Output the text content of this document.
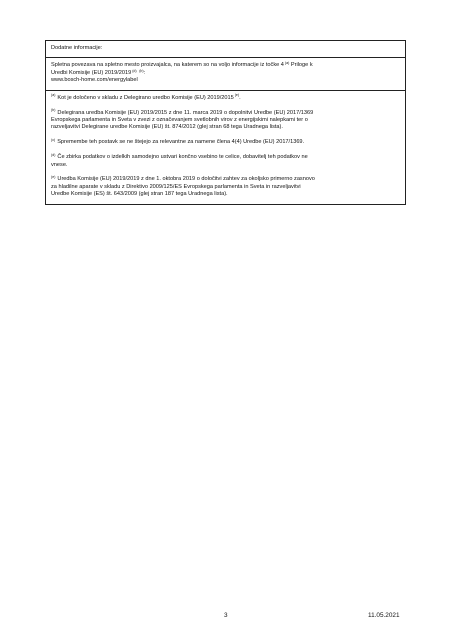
Dodatne informacije:
Spletna povezava na spletno mesto proizvajalca, na katerem so na voljo informacije iz točke 4$^{(a)}$ Priloge k
Uredbi Komisije (EU) 2019/2019$^{(d)}$ $^{(b)}$:
www.bosch-home.com/energylabel

$^{(a)}$ Kot je določeno v skladu z Delegirano uredbo Komisije (EU) 2019/2015$^{(e)}$.

$^{(b)}$ Delegirana uredba Komisije (EU) 2019/2015 z dne 11. marca 2019 o dopolnitvi Uredbe (EU) 2017/1369
Evropskega parlamenta in Sveta v zvezi z označevanjem svetlobnih virov z energijskimi nalepkami ter o
razveljavitvi Delegirane uredbe Komisije (EU) št. 874/2012 (glej stran 68 tega Uradnega lista).

$^{(c)}$ Spremembe teh postavk se ne štejejo za relevantne za namene člena 4(4) Uredbe (EU) 2017/1369.

$^{(d)}$ Če zbirka podatkov o izdelkih samodejno ustvari končno vsebino te celice, dobavitelj teh podatkov ne
vnese.

$^{(e)}$ Uredba Komisije (EU) 2019/2019 z dne 1. oktobra 2019 o določitvi zahtev za okoljsko primerno zasnovo
za hladilne aparate v skladu z Direktivo 2009/125/ES Evropskega parlamenta in Sveta in razveljavitvi
Uredbe Komisije (ES) št. 643/2009 (glej stran 187 tega Uradnega lista).

3	11.05.2021
